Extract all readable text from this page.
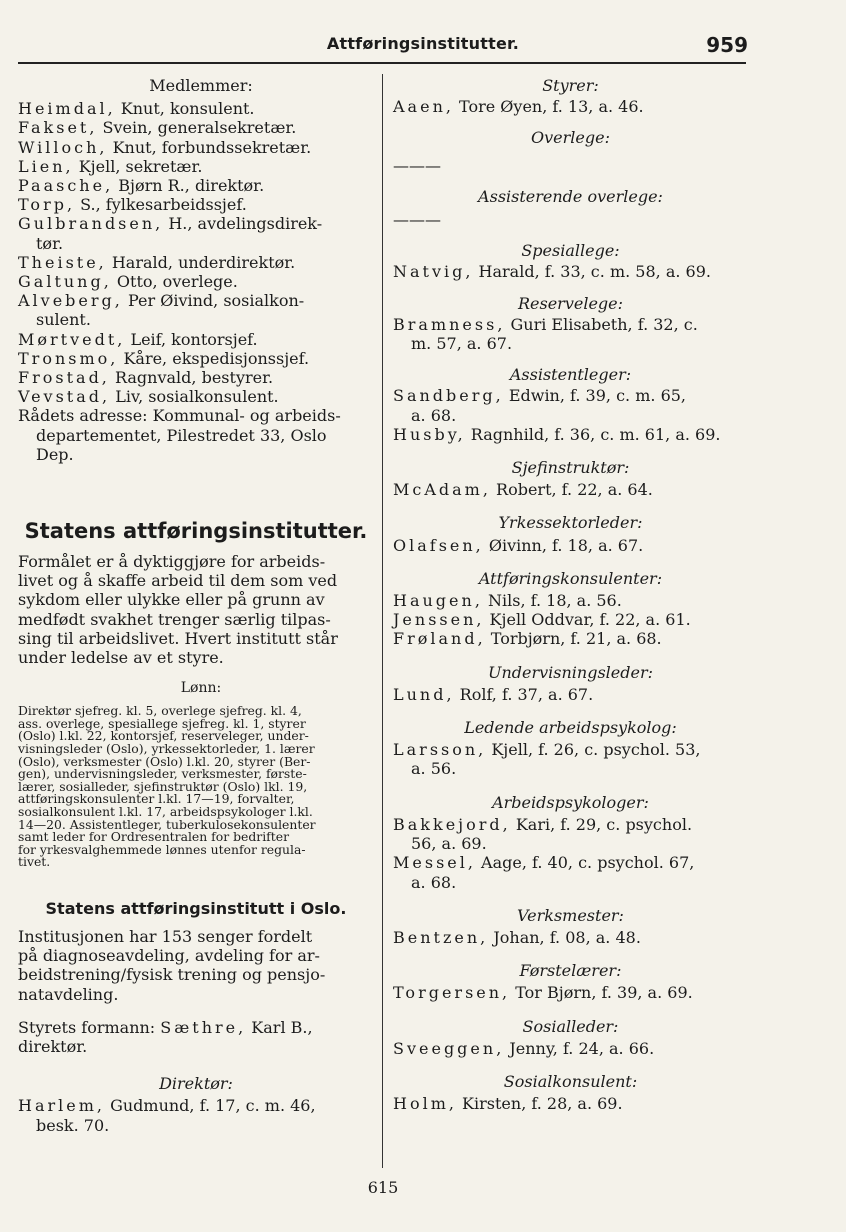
Attføringsinstitutter.	959
Medlemmer:
Heimdal, Knut, konsulent.
Fakset, Svein, generalsekretær.
Willoch, Knut, forbundssekretær.
Lien, Kjell, sekretær.
Paasche, Bjørn R., direktør.
Torp, S., fylkesarbeidssjef.
Gulbrandsen, H., avdelingsdirek-
tør.
Theiste, Harald, underdirektør.
Galtung, Otto, overlege.
Alveberg, Per Øivind, sosialkon-
sulent.
Mørtvedt, Leif, kontorsjef.
Tronsmo, Kåre, ekspedisjonssjef.
Frostad, Ragnvald, bestyrer.
Vevstad, Liv, sosialkonsulent.
Rådets adresse: Kommunal- og arbeids-
departementet, Pilestredet 33, Oslo
Dep.
Statens attføringsinstitutter.
Formålet er å dyktiggjøre for arbeids-
livet og å skaffe arbeid til dem som ved
sykdom eller ulykke eller på grunn av
medfødt svakhet trenger særlig tilpas-
sing til arbeidslivet. Hvert institutt står
under ledelse av et styre.
Lønn:
Direktør sjefreg. kl. 5, overlege sjefreg. kl. 4,
ass. overlege, spesiallege sjefreg. kl. 1, styrer
(Oslo) l.kl. 22, kontorsjef, reserveleger, under-
visningsleder (Oslo), yrkessektorleder, 1. lærer
(Oslo), verksmester (Oslo) l.kl. 20, styrer (Ber-
gen), undervisningsleder, verksmester, første-
lærer, sosialleder, sjefinstruktør (Oslo) lkl. 19,
attføringskonsulenter l.kl. 17—19, forvalter,
sosialkonsulent l.kl. 17, arbeidspsykologer l.kl.
14—20. Assistentleger, tuberkulosekonsulenter
samt leder for Ordresentralen for bedrifter
for yrkesvalghemmede lønnes utenfor regula-
tivet.
Statens attføringsinstitutt i Oslo.
Institusjonen har 153 senger fordelt
på diagnoseavdeling, avdeling for ar-
beidstrening/fysisk trening og pensjo-
natavdeling.
Styrets formann: Sæthre, Karl B.,
direktør.
Direktør:
Harlem, Gudmund, f. 17, c. m. 46,
besk. 70.
Styrer:
Aaen, Tore Øyen, f. 13, a. 46.
Overlege:
———
Assisterende overlege:
———
Spesiallege:
Natvig, Harald, f. 33, c. m. 58, a. 69.
Reservelege:
Bramness, Guri Elisabeth, f. 32, c.
m. 57, a. 67.
Assistentleger:
Sandberg, Edwin, f. 39, c. m. 65,
a. 68.
Husby, Ragnhild, f. 36, c. m. 61, a. 69.
Sjefinstruktør:
McAdam, Robert, f. 22, a. 64.
Yrkessektorleder:
Olafsen, Øivinn, f. 18, a. 67.
Attføringskonsulenter:
Haugen, Nils, f. 18, a. 56.
Jenssen, Kjell Oddvar, f. 22, a. 61.
Frøland, Torbjørn, f. 21, a. 68.
Undervisningsleder:
Lund, Rolf, f. 37, a. 67.
Ledende arbeidspsykolog:
Larsson, Kjell, f. 26, c. psychol. 53,
a. 56.
Arbeidspsykologer:
Bakkejord, Kari, f. 29, c. psychol.
56, a. 69.
Messel, Aage, f. 40, c. psychol. 67,
a. 68.
Verksmester:
Bentzen, Johan, f. 08, a. 48.
Førstelærer:
Torgersen, Tor Bjørn, f. 39, a. 69.
Sosialleder:
Sveeggen, Jenny, f. 24, a. 66.
Sosialkonsulent:
Holm, Kirsten, f. 28, a. 69.
615
